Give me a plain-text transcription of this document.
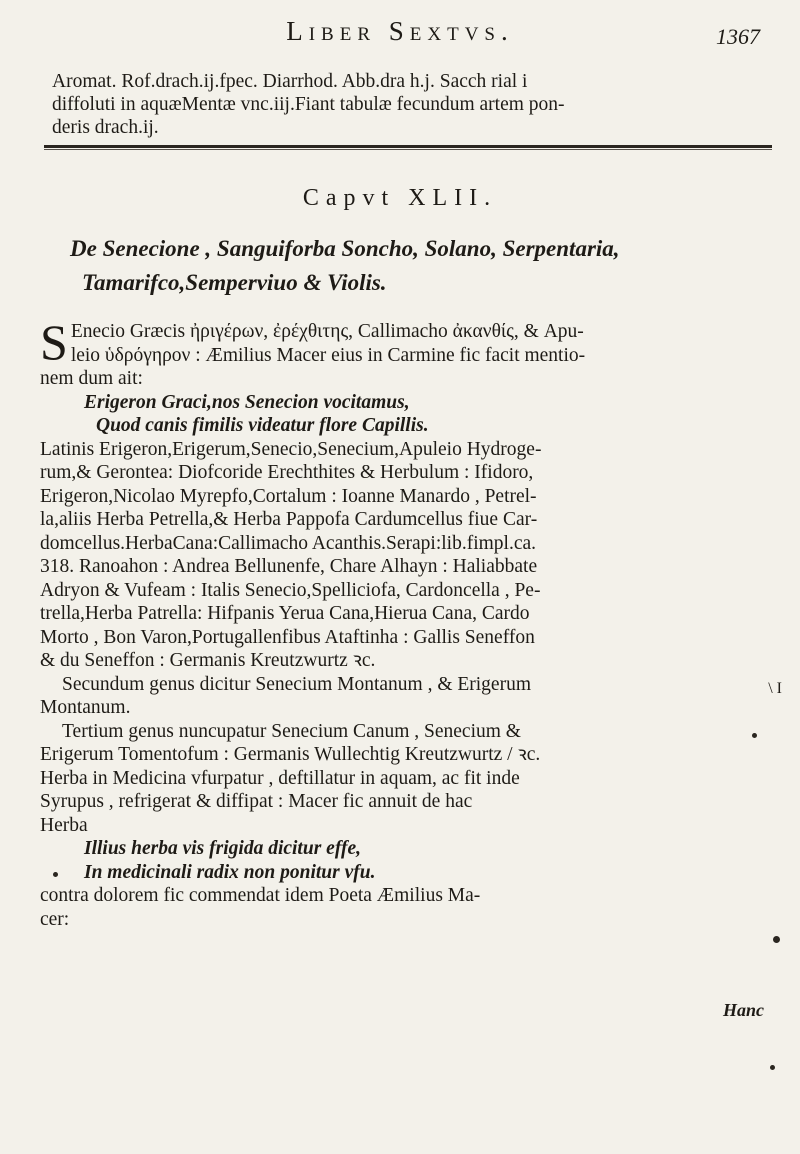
Liber Sextvs.	1367
Aromat. Rof.drach.ij.fpec. Diarrhod. Abb.dra h.j. Sacch rial i
diffoluti in aquæMentæ vnc.iij.Fiant tabulæ fecundum artem pon-
deris drach.ij.
Capvt XLII.
De Senecione , Sanguiforba Soncho, Solano, Serpentaria,
Tamarifco,Semperviuo & Violis.
S Enecio Græcis ἠριγέρων, ἐρέχθιτης, Callimacho ἀκανθίς, & Apu-
leio ὑδρόγηρον : Æmilius Macer eius in Carmine fic facit mentio-
nem dum ait:
Erigeron Graci,nos Senecion vocitamus,
Quod canis fimilis videatur flore Capillis.
Latinis Erigeron,Erigerum,Senecio,Senecium,Apuleio Hydroge-
rum,& Gerontea: Diofcoride Erechthites & Herbulum : Ifidoro,
Erigeron,Nicolao Myrepfo,Cortalum : Ioanne Manardo , Petrel-
la,aliis Herba Petrella,& Herba Pappofa Cardumcellus fiue Car-
domcellus.HerbaCana:Callimacho Acanthis.Serapi:lib.fimpl.ca.
318. Ranoahon : Andrea Bellunenfe, Chare Alhayn : Haliabbate
Adryon & Vufeam : Italis Senecio,Spelliciofa, Cardoncella , Pe-
trella,Herba Patrella: Hifpanis Yerua Cana,Hierua Cana, Cardo
Morto , Bon Varon,Portugallenfibus Ataftinha : Gallis Seneffon
& du Seneffon : Germanis Kreutzwurtz ꝛc.
Secundum genus dicitur Senecium Montanum , & Erigerum
Montanum.
Tertium genus nuncupatur Senecium Canum , Senecium &
Erigerum Tomentofum : Germanis Wullechtig Kreutzwurtz / ꝛc.
Herba in Medicina vfurpatur , deftillatur in aquam, ac fit inde
Syrupus , refrigerat & diffipat : Macer fic annuit de hac
Herba
Illius herba vis frigida dicitur effe,
In medicinali radix non ponitur vfu.
contra dolorem fic commendat idem Poeta Æmilius Ma-
cer:
Hanc
\ I
